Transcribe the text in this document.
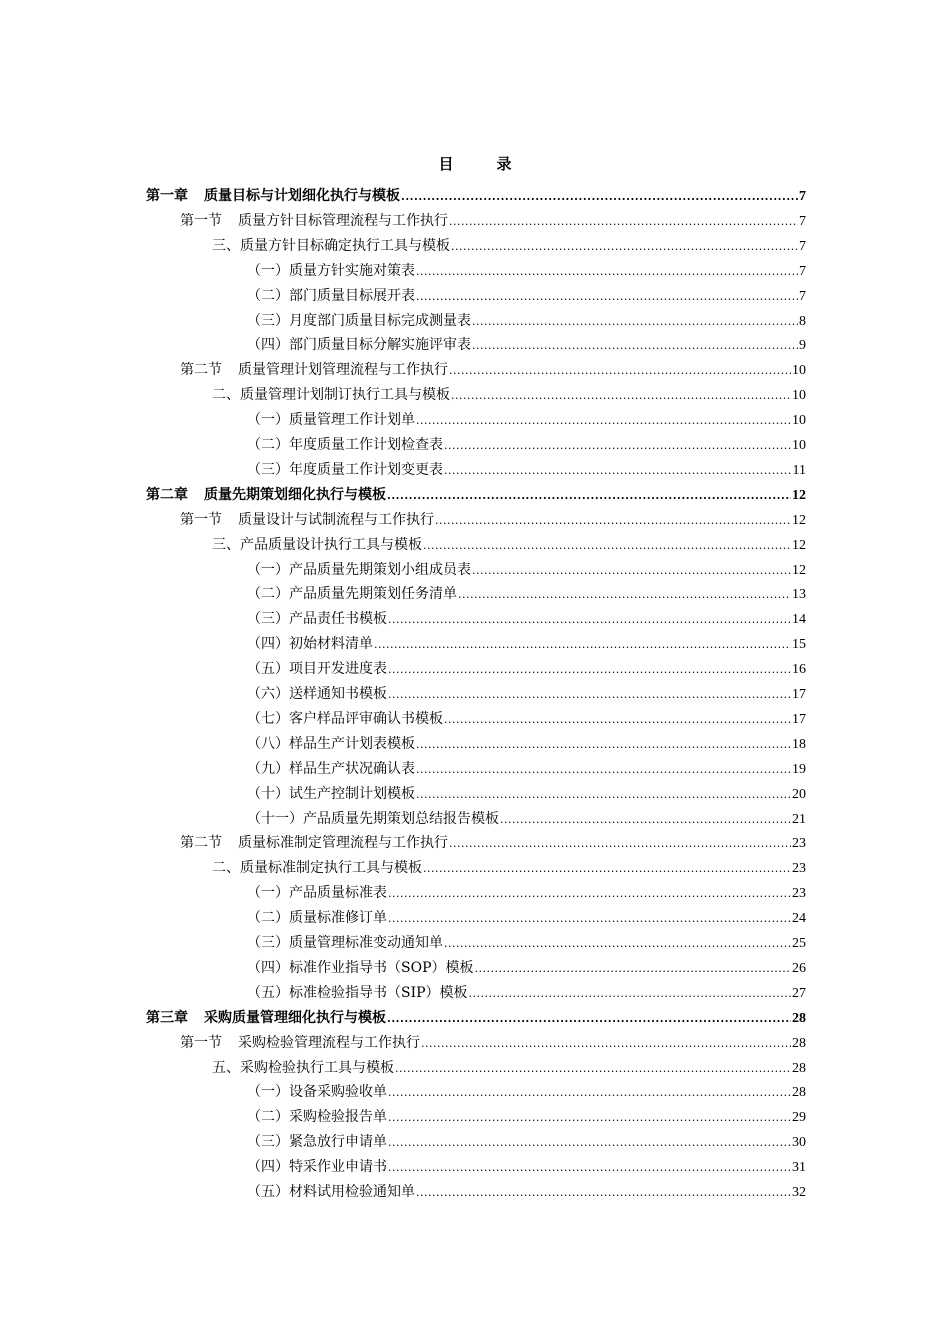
目　录
第一章 质量目标与计划细化执行与模板 .....	7
第一节 质量方针目标管理流程与工作执行 .....	7
三、质量方针目标确定执行工具与模板 .....	7
（一）质量方针实施对策表 .....	7
（二）部门质量目标展开表 .....	7
（三）月度部门质量目标完成测量表 .....	8
（四）部门质量目标分解实施评审表 .....	9
第二节 质量管理计划管理流程与工作执行 .....	10
二、质量管理计划制订执行工具与模板 .....	10
（一）质量管理工作计划单 .....	10
（二）年度质量工作计划检查表 .....	10
（三）年度质量工作计划变更表 .....	11
第二章 质量先期策划细化执行与模板 .....	12
第一节 质量设计与试制流程与工作执行 .....	12
三、产品质量设计执行工具与模板 .....	12
（一）产品质量先期策划小组成员表 .....	12
（二）产品质量先期策划任务清单 .....	13
（三）产品责任书模板 .....	14
（四）初始材料清单 .....	15
（五）项目开发进度表 .....	16
（六）送样通知书模板 .....	17
（七）客户样品评审确认书模板 .....	17
（八）样品生产计划表模板 .....	18
（九）样品生产状况确认表 .....	19
（十）试生产控制计划模板 .....	20
（十一）产品质量先期策划总结报告模板 .....	21
第二节 质量标准制定管理流程与工作执行 .....	23
二、质量标准制定执行工具与模板 .....	23
（一）产品质量标准表 .....	23
（二）质量标准修订单 .....	24
（三）质量管理标准变动通知单 .....	25
（四）标准作业指导书（SOP）模板 .....	26
（五）标准检验指导书（SIP）模板 .....	27
第三章 采购质量管理细化执行与模板 .....	28
第一节 采购检验管理流程与工作执行 .....	28
五、采购检验执行工具与模板 .....	28
（一）设备采购验收单 .....	28
（二）采购检验报告单 .....	29
（三）紧急放行申请单 .....	30
（四）特采作业申请书 .....	31
（五）材料试用检验通知单 .....	32
